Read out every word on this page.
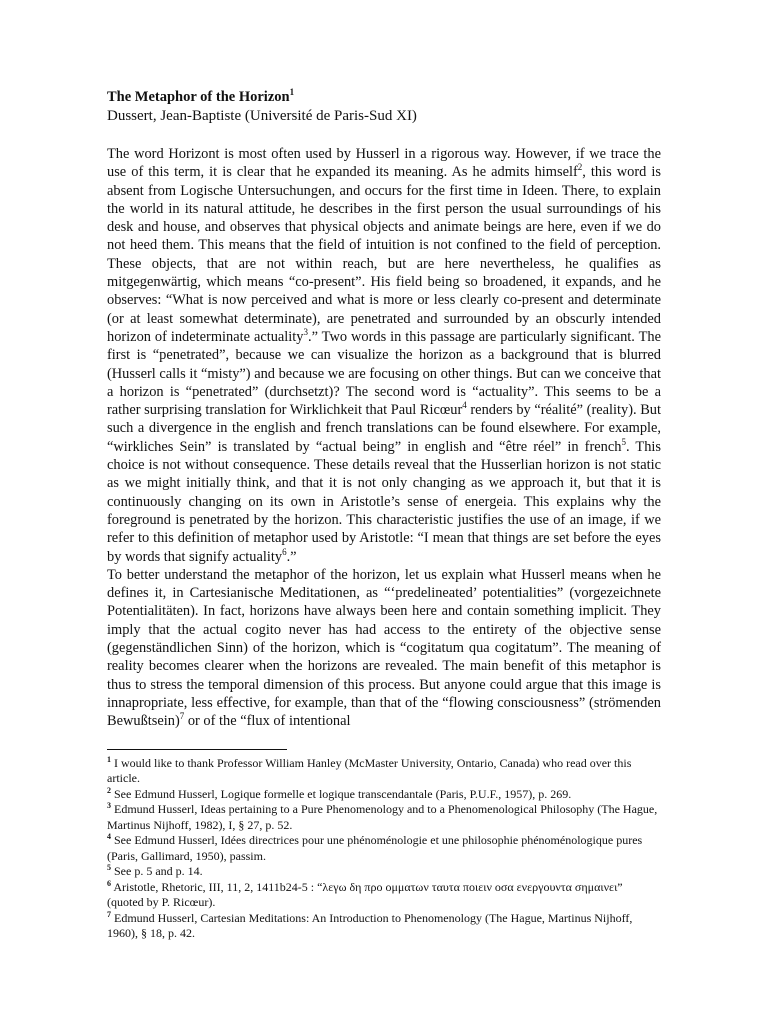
The Metaphor of the Horizon$^1$

Dussert, Jean-Baptiste (Université de Paris-Sud XI)

The word Horizont is most often used by Husserl in a rigorous way. However, if we trace the use of this term, it is clear that he expanded its meaning. As he admits himself$^2$, this word is absent from Logische Untersuchungen, and occurs for the first time in Ideen. There, to explain the world in its natural attitude, he describes in the first person the usual surroundings of his desk and house, and observes that physical objects and animate beings are here, even if we do not heed them. This means that the field of intuition is not confined to the field of perception. These objects, that are not within reach, but are here nevertheless, he qualifies as mitgegenwärtig, which means “co-present”. His field being so broadened, it expands, and he observes: “What is now perceived and what is more or less clearly co-present and determinate (or at least somewhat determinate), are penetrated and surrounded by an obscurly intended horizon of indeterminate actuality$^3$.” Two words in this passage are particularly significant. The first is “penetrated”, because we can visualize the horizon as a background that is blurred (Husserl calls it “misty”) and because we are focusing on other things. But can we conceive that a horizon is “penetrated” (durchsetzt)? The second word is “actuality”. This seems to be a rather surprising translation for Wirklichkeit that Paul Ricœur$^4$ renders by “réalité” (reality). But such a divergence in the english and french translations can be found elsewhere. For example, “wirkliches Sein” is translated by “actual being” in english and “être réel” in french$^5$. This choice is not without consequence. These details reveal that the Husserlian horizon is not static as we might initially think, and that it is not only changing as we approach it, but that it is continuously changing on its own in Aristotle’s sense of energeia. This explains why the foreground is penetrated by the horizon. This characteristic justifies the use of an image, if we refer to this definition of metaphor used by Aristotle: “I mean that things are set before the eyes by words that signify actuality$^6$.”

To better understand the metaphor of the horizon, let us explain what Husserl means when he defines it, in Cartesianische Meditationen, as “‘predelineated’ potentialities” (vorgezeichnete Potentialitäten). In fact, horizons have always been here and contain something implicit. They imply that the actual cogito never has had access to the entirety of the objective sense (gegenständlichen Sinn) of the horizon, which is “cogitatum qua cogitatum”. The meaning of reality becomes clearer when the horizons are revealed. The main benefit of this metaphor is thus to stress the temporal dimension of this process. But anyone could argue that this image is innapropriate, less effective, for example, than that of the “flowing consciousness” (strömenden Bewußtsein)$^7$ or of the “flux of intentional

$^1$ I would like to thank Professor William Hanley (McMaster University, Ontario, Canada) who read over this article.

$^2$ See Edmund Husserl, Logique formelle et logique transcendantale (Paris, P.U.F., 1957), p. 269.

$^3$ Edmund Husserl, Ideas pertaining to a Pure Phenomenology and to a Phenomenological Philosophy (The Hague, Martinus Nijhoff, 1982), I, § 27, p. 52.

$^4$ See Edmund Husserl, Idées directrices pour une phénoménologie et une philosophie phénoménologique pures (Paris, Gallimard, 1950), passim.

$^5$ See p. 5 and p. 14.

$^6$ Aristotle, Rhetoric, III, 11, 2, 1411b24-5 : “λεγω δη προ ομματων ταυτα ποιειν οσα ενεργουντα σημαινει” (quoted by P. Ricœur).

$^7$ Edmund Husserl, Cartesian Meditations: An Introduction to Phenomenology (The Hague, Martinus Nijhoff, 1960), § 18, p. 42.
